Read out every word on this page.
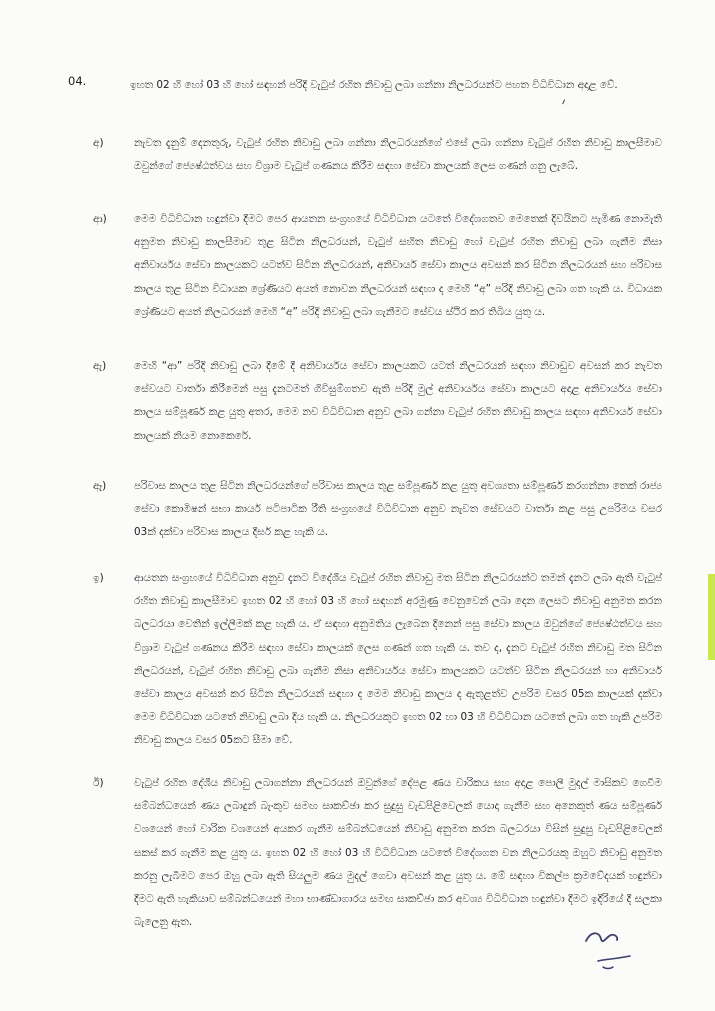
04.	ඉහත 02 හි හෝ 03 හි හෝ සඳහන් පරිදි වැටුප් රහිත නිවාඩු ලබා ගන්නා නිලධරයන්ට පහත විධිවිධාන අදාළ වේ.
අ)	නැවත දැනුම් දෙනතුරු, වැටුප් රහිත නිවාඩු ලබා ගන්නා නිලධරයන්ගේ එසේ ලබා ගන්නා වැටුප් රහිත නිවාඩු කාලසීමාව ඔවුන්ගේ ජ්‍යෙෂ්ඨත්වය සහ විශ්‍රාම වැටුප් ගණනය කිරීම සඳහා සේවා කාලයක් ලෙස ගණන් ගනු ලැබේ.
ආ)	මෙම විධිවිධාන හඳුන්වා දීමට පෙර ආයතන සංග්‍රහයේ විධිවිධාන යටතේ විදේශගතව මෙතෙක් දිවයිනට පැමිණ නොමැති අනුමත නිවාඩු කාලසීමාව තුළ සිටින නිලධරයන්, වැටුප් සහිත නිවාඩු හෝ වැටුප් රහිත නිවාඩු ලබා ගැනීම නිසා අනිවාර්යය සේවා කාලයකට යටත්ව සිටින නිලධරයන්, අනිවාර්ය සේවා කාලය අවසන් කර සිටින නිලධරයන් සහ පරිවාස කාලය තුළ සිටින විධායක ශ්‍රේණියට අයත් නොවන නිලධරයන් සඳහා ද මෙහි “අ” පරිදි නිවාඩු ලබා ගත හැකි ය. විධායක ශ්‍රේණියට අයත් නිලධරයන් මෙහි “අ” පරිදි නිවාඩු ලබා ගැනීමට සේවය ස්ථිර කර තිබිය යුතු ය.
ඇ)	මෙහි “ආ” පරිදි නිවාඩු ලබා දීමේ දී අනිවාර්යය සේවා කාලයකට යටත් නිලධරයන් සඳහා නිවාඩුව අවසන් කර නැවත සේවයට වාර්තා කිරීමෙන් පසු දැනටමත් ගිවිසුම්ගතව ඇති පරිදි මුල් අනිවාර්යය සේවා කාලයට අදාළ අනිවාර්යය සේවා කාලය සම්පූර්ණ කළ යුතු අතර, මෙම නව විධිවිධාන අනුව ලබා ගන්නා වැටුප් රහිත නිවාඩු කාලය සඳහා අනිවාර්ය සේවා කාලයක් නියම නොකෙරේ.
ඈ)	පරිවාස කාලය තුළ සිටින නිලධරයන්ගේ පරිවාස කාලය තුළ සම්පූර්ණ කළ යුතු අවශ්‍යතා සම්පූර්ණ කරගන්නා තෙක් රාජ්‍ය සේවා කොමිෂන් සභා කාර්ය පටිපාටික රීති සංග්‍රහයේ විධිවිධාන අනුව නැවත සේවයට වාර්තා කළ පසු උපරිමය වසර 03ක් දක්වා පරිවාස කාලය දීර්ඝ කළ හැකි ය.
ඉ)	ආයතන සංග්‍රහයේ විධිවිධාන අනුව දැනට විදේශීය වැටුප් රහිත නිවාඩු මත සිටින නිලධරයන්ට තමන් දැනට ලබා ඇති වැටුප් රහිත නිවාඩු කාලසීමාව ඉහත 02 හි හෝ 03 හි හෝ සඳහන් අරමුණු වෙනුවෙන් ලබා දෙන ලෙසට නිවාඩු අනුමත කරන බලධරයා වෙතින් ඉල්ලීමක් කළ හැකි ය. ඒ සඳහා අනුමතිය ලැබෙන දිනෙන් පසු සේවා කාලය ඔවුන්ගේ ජ්‍යෙෂ්ඨත්වය සහ විශ්‍රාම වැටුප් ගණනය කිරීම සඳහා සේවා කාලයක් ලෙස ගණන් ගත හැකි ය. තව ද, දැනට වැටුප් රහිත නිවාඩු මත සිටින නිලධරයන්, වැටුප් රහිත නිවාඩු ලබා ගැනීම නිසා අනිවාර්යය සේවා කාලයකට යටත්ව සිටින නිලධරයන් හා අනිවාර්ය සේවා කාලය අවසන් කර සිටින නිලධරයන් සඳහා ද මෙම නිවාඩු කාලය ද ඇතුළත්ව උපරිම වසර 05ක කාලයක් දක්වා මෙම විධිවිධාන යටතේ නිවාඩු ලබා දිය හැකි ය. නිලධරයකුට ඉහත 02 හා 03 හි විධිවිධාන යටතේ ලබා ගත හැකි උපරිම නිවාඩු කාලය වසර 05කට සීමා වේ.
ඊ)	වැටුප් රහිත දේශීය නිවාඩු ලබාගන්නා නිලධරයන් ඔවුන්ගේ දේපළ ණය වාරිකය සහ අදාළ පොලී මුදල් මාසිකව ගෙවීම සම්බන්ධයෙන් ණය ලබාදුන් බැංකුව සමඟ සාකච්ඡා කර සුදුසු වැඩපිළිවෙලක් යොදා ගැනීම සහ අනෙකුත් ණය සම්පූර්ණ වශයෙන් හෝ වාරික වශයෙන් අයකර ගැනීම සම්බන්ධයෙන් නිවාඩු අනුමත කරන බලධරයා විසින් සුදුසු වැඩපිළිවෙලක් සකස් කර ගැනීම කළ යුතු ය. ඉහත 02 හි හෝ 03 හි විධිවිධාන යටතේ විදේශගත වන නිලධරයකු ඔහුට නිවාඩු අනුමත කරනු ලැබීමට පෙර ඔහු ලබා ඇති සියලුම ණය මුදල් ගෙවා අවසන් කළ යුතු ය. මේ සඳහා විකල්ප ක්‍රමවේදයක් හඳුන්වා දීමට ඇති හැකියාව සම්බන්ධයෙන් මහා භාණ්ඩාගාරය සමඟ සාකච්ඡා කර අවශ්‍ය විධිවිධාන හඳුන්වා දීමට ඉදිරියේ දී සලකා බැලෙනු ඇත.
